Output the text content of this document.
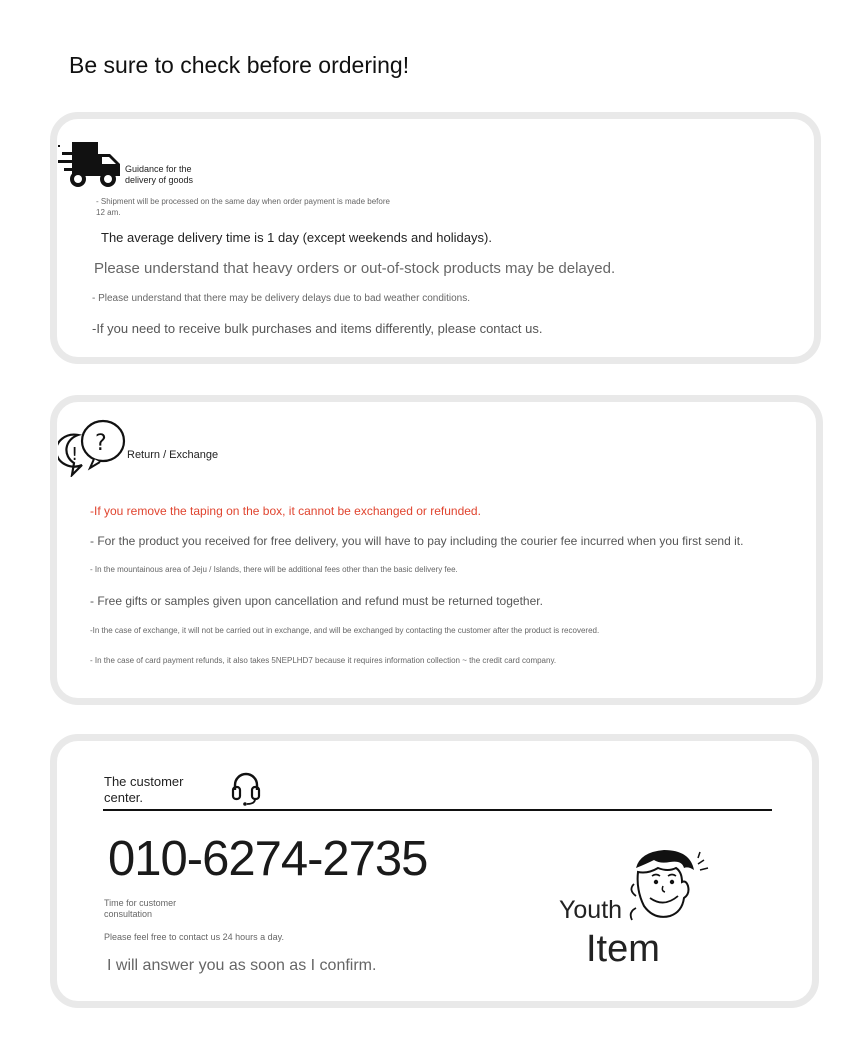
Be sure to check before ordering!
Guidance for the
delivery of goods
- Shipment will be processed on the same day when order payment is made before
12 am.
The average delivery time is 1 day (except weekends and holidays).
Please understand that heavy orders or out-of-stock products may be delayed.
- Please understand that there may be delivery delays due to bad weather conditions.
-If you need to receive bulk purchases and items differently, please contact us.
! ? Return / Exchange
-If you remove the taping on the box, it cannot be exchanged or refunded.
- For the product you received for free delivery, you will have to pay including the courier fee incurred when you first send it.
- In the mountainous area of Jeju / Islands, there will be additional fees other than the basic delivery fee.
- Free gifts or samples given upon cancellation and refund must be returned together.
-In the case of exchange, it will not be carried out in exchange, and will be exchanged by contacting the customer after the product is recovered.
- In the case of card payment refunds, it also takes 5NEPLHD7 because it requires information collection ~ the credit card company.
The customer
center.
010-6274-2735
Time for customer
consultation
Please feel free to contact us 24 hours a day.
I will answer you as soon as I confirm.
Youth
Item
